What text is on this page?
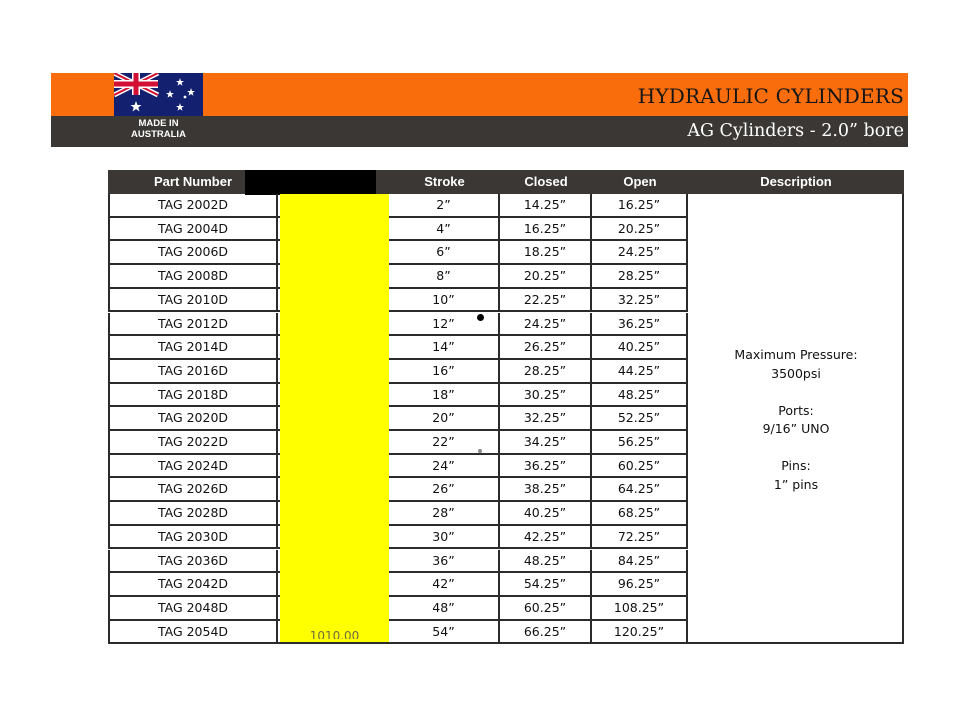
MADE IN
AUSTRALIA
HYDRAULIC CYLINDERS
AG Cylinders - 2.0” bore
Part Number	Stroke	Closed	Open	Description
TAG 2002D	2”	14.25”	16.25”
TAG 2004D	4”	16.25”	20.25”
TAG 2006D	6”	18.25”	24.25”
TAG 2008D	8”	20.25”	28.25”
TAG 2010D	10”	22.25”	32.25”
TAG 2012D	12”	24.25”	36.25”
TAG 2014D	14”	26.25”	40.25”
TAG 2016D	16”	28.25”	44.25”
TAG 2018D	18”	30.25”	48.25”
TAG 2020D	20”	32.25”	52.25”
TAG 2022D	22”	34.25”	56.25”
TAG 2024D	24”	36.25”	60.25”
TAG 2026D	26”	38.25”	64.25”
TAG 2028D	28”	40.25”	68.25”
TAG 2030D	30”	42.25”	72.25”
TAG 2036D	36”	48.25”	84.25”
TAG 2042D	42”	54.25”	96.25”
TAG 2048D	48”	60.25”	108.25”
TAG 2054D	54”	66.25”	120.25”
1010.00
Maximum Pressure:
3500psi
Ports:
9/16” UNO
Pins:
1” pins
